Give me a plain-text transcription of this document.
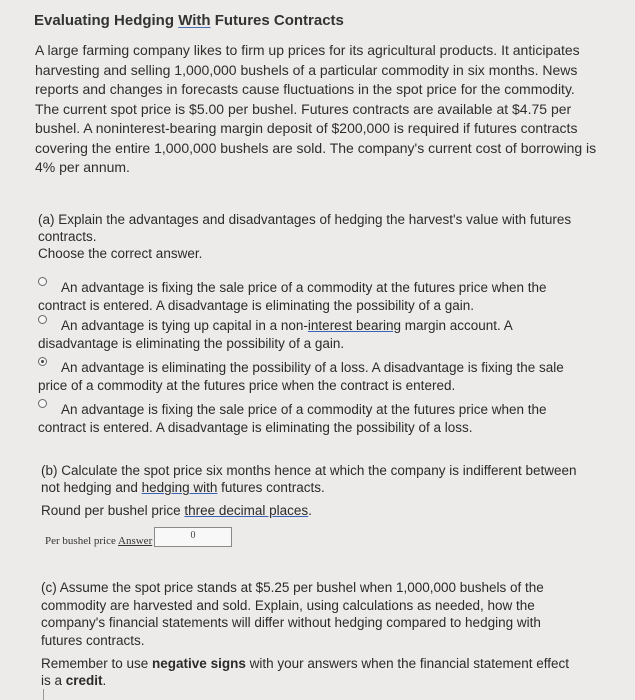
Evaluating Hedging With Futures Contracts
A large farming company likes to firm up prices for its agricultural products. It anticipates harvesting and selling 1,000,000 bushels of a particular commodity in six months. News reports and changes in forecasts cause fluctuations in the spot price for the commodity. The current spot price is $5.00 per bushel. Futures contracts are available at $4.75 per bushel. A noninterest-bearing margin deposit of $200,000 is required if futures contracts covering the entire 1,000,000 bushels are sold. The company's current cost of borrowing is 4% per annum.
(a) Explain the advantages and disadvantages of hedging the harvest's value with futures contracts.
Choose the correct answer.
An advantage is fixing the sale price of a commodity at the futures price when the
contract is entered. A disadvantage is eliminating the possibility of a gain.
An advantage is tying up capital in a non-interest bearing margin account. A
disadvantage is eliminating the possibility of a gain.
An advantage is eliminating the possibility of a loss. A disadvantage is fixing the sale
price of a commodity at the futures price when the contract is entered.
An advantage is fixing the sale price of a commodity at the futures price when the
contract is entered. A disadvantage is eliminating the possibility of a loss.
(b) Calculate the spot price six months hence at which the company is indifferent between not hedging and hedging with futures contracts.
Round per bushel price three decimal places.
Per bushel price Answer	0
(c) Assume the spot price stands at $5.25 per bushel when 1,000,000 bushels of the commodity are harvested and sold. Explain, using calculations as needed, how the company's financial statements will differ without hedging compared to hedging with futures contracts.
Remember to use negative signs with your answers when the financial statement effect is a credit.
